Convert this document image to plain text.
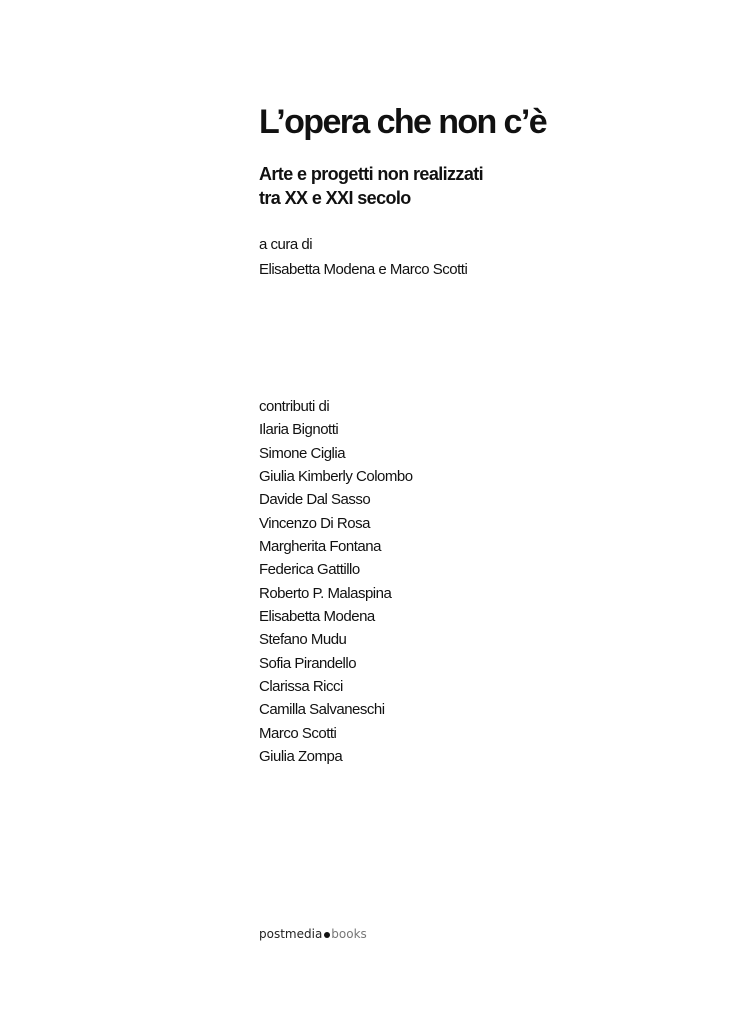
L’opera che non c’è
Arte e progetti non realizzati
tra XX e XXI secolo
a cura di
Elisabetta Modena e Marco Scotti
contributi di
Ilaria Bignotti
Simone Ciglia
Giulia Kimberly Colombo
Davide Dal Sasso
Vincenzo Di Rosa
Margherita Fontana
Federica Gattillo
Roberto P. Malaspina
Elisabetta Modena
Stefano Mudu
Sofia Pirandello
Clarissa Ricci
Camilla Salvaneschi
Marco Scotti
Giulia Zompa
postmedia books
